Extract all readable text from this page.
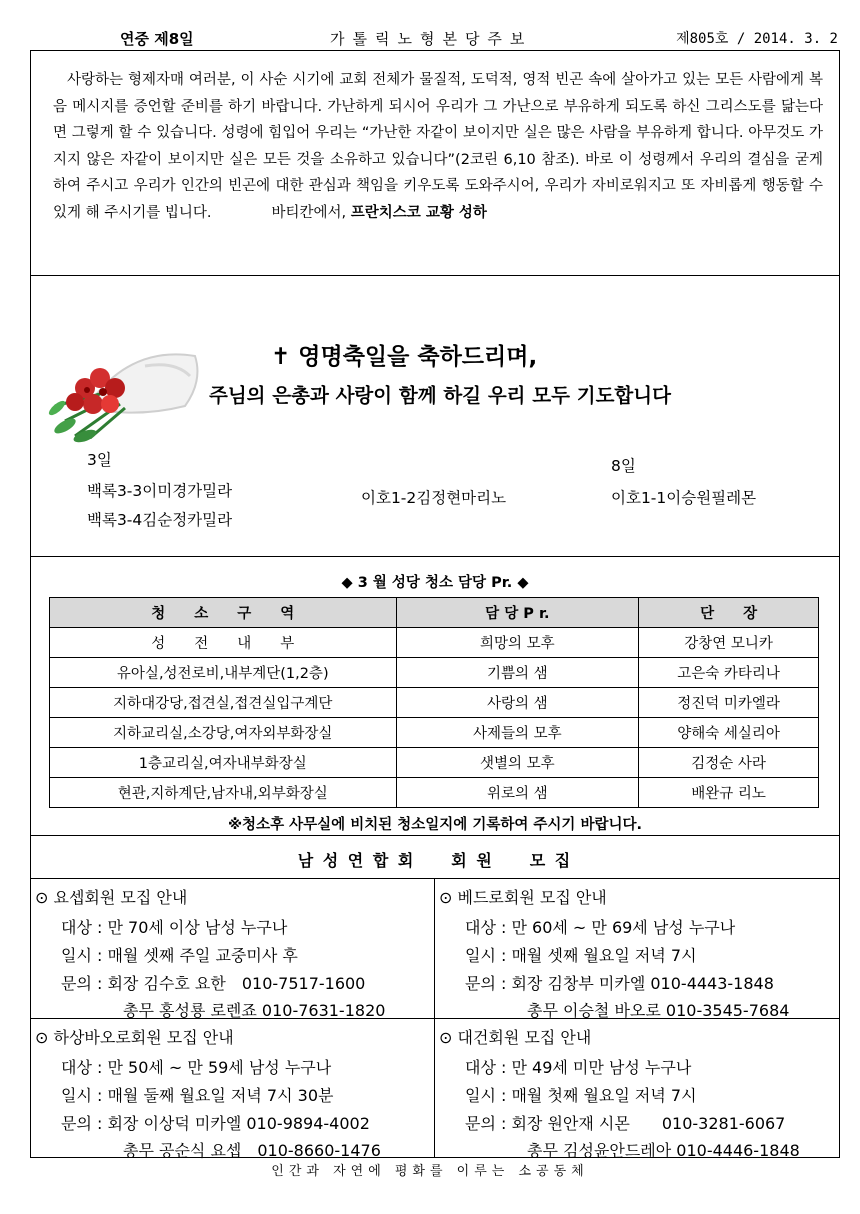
연중 제8일	가톨릭노형본당주보	제805호 / 2014. 3. 2

사랑하는 형제자매 여러분, 이 사순 시기에 교회 전체가 물질적, 도덕적, 영적 빈곤 속에 살아가고 있는 모든 사람에게 복음 메시지를 증언할 준비를 하기 바랍니다. 가난하게 되시어 우리가 그 가난으로 부유하게 되도록 하신 그리스도를 닮는다면 그렇게 할 수 있습니다. 성령에 힘입어 우리는 “가난한 자같이 보이지만 실은 많은 사람을 부유하게 합니다. 아무것도 가지지 않은 자같이 보이지만 실은 모든 것을 소유하고 있습니다”(2코린 6,10 참조). 바로 이 성령께서 우리의 결심을 굳게 하여 주시고 우리가 인간의 빈곤에 대한 관심과 책임을 키우도록 도와주시어, 우리가 자비로워지고 또 자비롭게 행동할 수 있게 해 주시기를 빕니다.	바티칸에서, 프란치스코 교황 성하

✝ 영명축일을 축하드리며,
주님의 은총과 사랑이 함께 하길 우리 모두 기도합니다
3일
백록3-3이미경가밀라
백록3-4김순정카밀라
이호1-2김정현마리노
8일
이호1-1이승원필레몬
◆ 3 월 성당 청소 담당 Pr. ◆
청　　소　　구　　역	담 당 P r.	단　　장
성　　전　　내　　부	희망의 모후	강창연 모니카
유아실,성전로비,내부계단(1,2층)	기쁨의 샘	고은숙 카타리나
지하대강당,접견실,접견실입구계단	사랑의 샘	정진덕 미카엘라
지하교리실,소강당,여자외부화장실	사제들의 모후	양해숙 세실리아
1층교리실,여자내부화장실	샛별의 모후	김정순 사라
현관,지하계단,남자내,외부화장실	위로의 샘	배완규 리노
※청소후 사무실에 비치된 청소일지에 기록하여 주시기 바랍니다.
남 성 연 합 회　　회 원　　모 집
⊙ 요셉회원 모집 안내
대상 : 만 70세 이상 남성 누구나
일시 : 매월 셋째 주일 교중미사 후
문의 : 회장 김수호 요한　010-7517-1600
총무 홍성룡 로렌죠 010-7631-1820
⊙ 베드로회원 모집 안내
대상 : 만 60세 ~ 만 69세 남성 누구나
일시 : 매월 셋째 월요일 저녁 7시
문의 : 회장 김창부 미카엘 010-4443-1848
총무 이승철 바오로 010-3545-7684
⊙ 하상바오로회원 모집 안내
대상 : 만 50세 ~ 만 59세 남성 누구나
일시 : 매월 둘째 월요일 저녁 7시 30분
문의 : 회장 이상덕 미카엘 010-9894-4002
총무 공순식 요셉　010-8660-1476
⊙ 대건회원 모집 안내
대상 : 만 49세 미만 남성 누구나
일시 : 매월 첫째 월요일 저녁 7시
문의 : 회장 원안재 시몬　　010-3281-6067
총무 김성윤안드레아 010-4446-1848
인간과 자연에 평화를 이루는 소공동체
